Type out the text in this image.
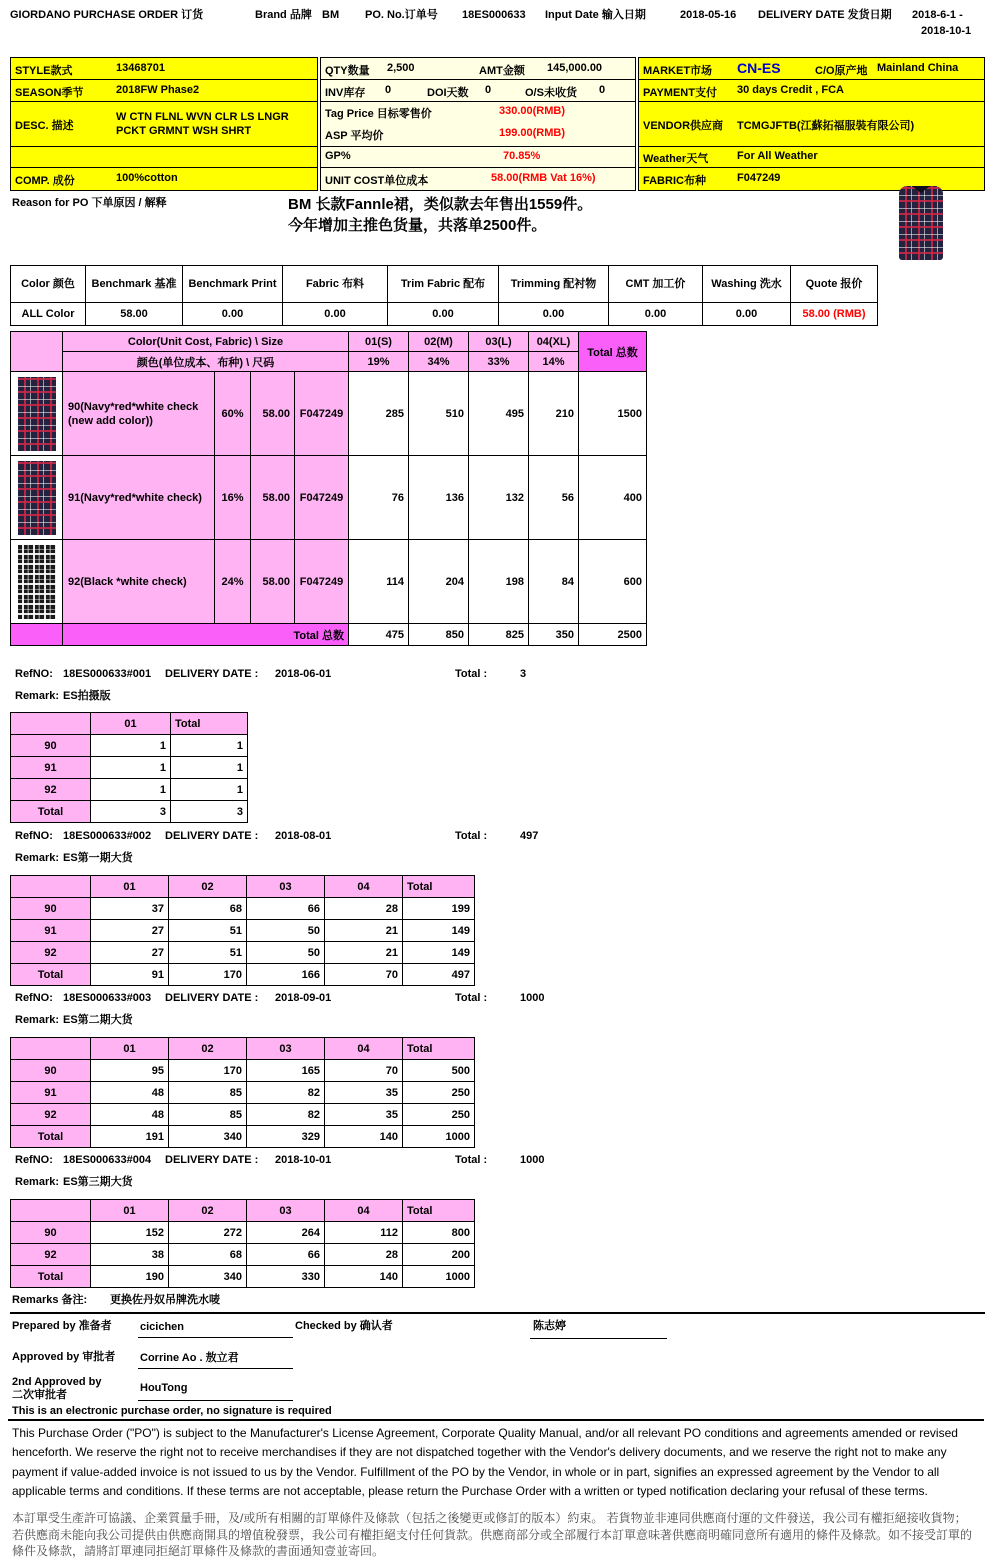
GIORDANO PURCHASE ORDER 订货	Brand 品牌 BM PO. No.订单号 18ES000633 Input Date 输入日期	2018-05-16 DELIVERY DATE 发货日期 2018-6-1 -
2018-10-1
STYLE款式	13468701
SEASON季节	2018FW Phase2
DESC. 描述
W CTN FLNL WVN CLR LS LNGR PCKT GRMNT WSH SHRT
COMP. 成份	100%cotton
QTY数量 2,500	AMT金额 145,000.00
INV库存 0	DOI天数 0	O/S未收货 0
Tag Price 目标零售价	330.00(RMB)
ASP 平均价	199.00(RMB)
GP%	70.85%
UNIT COST单位成本	58.00(RMB Vat 16%)
MARKET市场 CN-ES	C/O原产地 Mainland China
PAYMENT支付 30 days Credit , FCA
VENDOR供应商 TCMGJFTB(江蘇拓福服裝有限公司)
Weather天气	For All Weather
FABRIC布种	F047249
Reason for PO 下单原因 / 解释	BM 长款Fannle裙，类似款去年售出1559件。
今年增加主推色货量，共落单2500件。
Color 颜色	Benchmark 基准	Benchmark Print	Fabric 布料	Trim Fabric 配布	Trimming 配衬物	CMT 加工价	Washing 洗水	Quote 报价
ALL Color	58.00	0.00	0.00	0.00	0.00	0.00	0.00	58.00 (RMB)
	Color(Unit Cost, Fabric) \ Size				01(S)	02(M)	03(L)	04(XL)	Total 总数
	颜色(单位成本、布种) \ 尺码				19%	34%	33%	14%	

	90(Navy*red*white check (new add color))	60%	58.00	F047249	285	510	495	210	1500

	91(Navy*red*white check)	16%	58.00	F047249	76	136	132	56	400

	92(Black *white check)	24%	58.00	F047249	114	204	198	84	600
	Total 总数				475	850	825	350	2500
RefNO: 18ES000633#001 DELIVERY DATE : 2018-06-01	Total :	3
Remark: ES拍摄版
	01	Total
90	1	1
91	1	1
92	1	1
Total	3	3
RefNO: 18ES000633#002 DELIVERY DATE : 2018-08-01	Total :	497
Remark: ES第一期大货
	01	02	03	04	Total
90	37	68	66	28	199
91	27	51	50	21	149
92	27	51	50	21	149
Total	91	170	166	70	497
RefNO: 18ES000633#003 DELIVERY DATE : 2018-09-01	Total :	1000
Remark: ES第二期大货
	01	02	03	04	Total
90	95	170	165	70	500
91	48	85	82	35	250
92	48	85	82	35	250
Total	191	340	329	140	1000
RefNO: 18ES000633#004 DELIVERY DATE : 2018-10-01	Total :	1000
Remark: ES第三期大货
	01	02	03	04	Total
90	152	272	264	112	800
92	38	68	66	28	200
Total	190	340	330	140	1000
Remarks 备注: 更换佐丹奴吊牌洗水唛
Prepared by 准备者	cicichen	Checked by 确认者	陈志婷
Approved by 审批者 Corrine Ao . 敖立君
2nd Approved by
二次审批者
HouTong
This is an electronic purchase order, no signature is required
This Purchase Order ("PO") is subject to the Manufacturer's License Agreement, Corporate Quality Manual, and/or all relevant PO conditions and agreements amended or revised henceforth. We reserve the right not to receive merchandises if they are not dispatched together with the Vendor's delivery documents, and we reserve the right not to make any payment if value-added invoice is not issued to us by the Vendor. Fulfillment of the PO by the Vendor, in whole or in part, signifies an expressed agreement by the Vendor to all applicable terms and conditions. If these terms are not acceptable, please return the Purchase Order with a written or typed notification declaring your refusal of these terms.
本訂單受生產許可協議、企業質量手冊，及/或所有相關的訂單條件及條款（包括之後變更或修訂的版本）約束。 若貨物並非連同供應商付運的文件發送，我公司有權拒絕接收貨物；若供應商未能向我公司提供由供應商開具的增值稅發票，我公司有權拒絕支付任何貨款。供應商部分或全部履行本訂單意味著供應商明確同意所有適用的條件及條款。如不接受訂單的條件及條款，請將訂單連同拒絕訂單條件及條款的書面通知壹並寄回。
